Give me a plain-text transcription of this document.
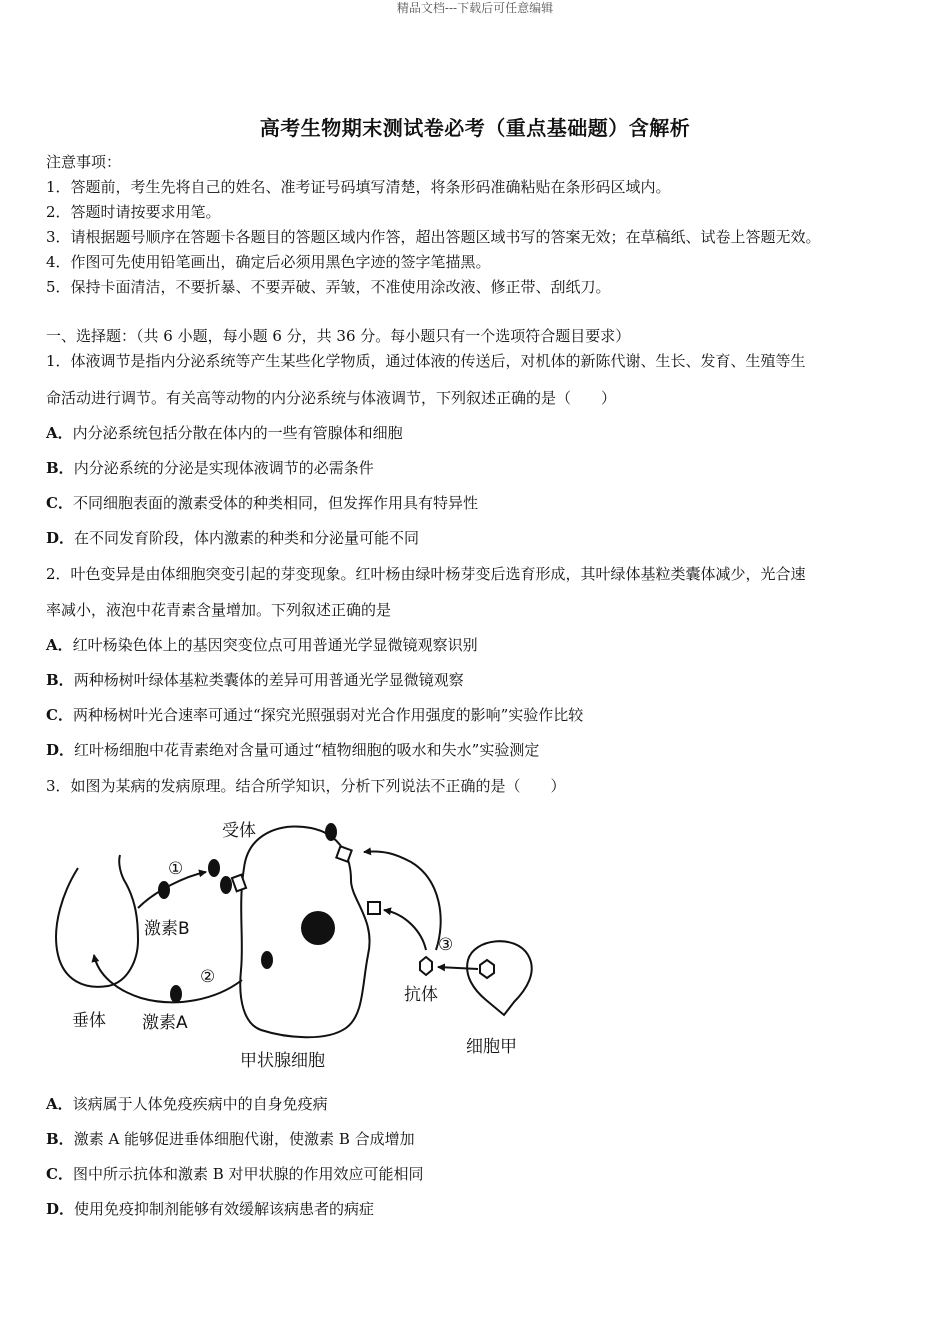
精品文档---下载后可任意编辑
高考生物期末测试卷必考（重点基础题）含解析
注意事项：
1．答题前，考生先将自己的姓名、准考证号码填写清楚，将条形码准确粘贴在条形码区域内。
2．答题时请按要求用笔。
3．请根据题号顺序在答题卡各题目的答题区域内作答，超出答题区域书写的答案无效；在草稿纸、试卷上答题无效。
4．作图可先使用铅笔画出，确定后必须用黑色字迹的签字笔描黑。
5．保持卡面清洁，不要折暴、不要弄破、弄皱，不准使用涂改液、修正带、刮纸刀。
一、选择题：（共 6 小题，每小题 6 分，共 36 分。每小题只有一个选项符合题目要求）
1．体液调节是指内分泌系统等产生某些化学物质，通过体液的传送后，对机体的新陈代谢、生长、发育、生殖等生
命活动进行调节。有关高等动物的内分泌系统与体液调节，下列叙述正确的是（　　）
A．内分泌系统包括分散在体内的一些有管腺体和细胞
B．内分泌系统的分泌是实现体液调节的必需条件
C．不同细胞表面的激素受体的种类相同，但发挥作用具有特异性
D．在不同发育阶段，体内激素的种类和分泌量可能不同
2．叶色变异是由体细胞突变引起的芽变现象。红叶杨由绿叶杨芽变后选育形成，其叶绿体基粒类囊体减少，光合速
率减小，液泡中花青素含量增加。下列叙述正确的是
A．红叶杨染色体上的基因突变位点可用普通光学显微镜观察识别
B．两种杨树叶绿体基粒类囊体的差异可用普通光学显微镜观察
C．两种杨树叶光合速率可通过“探究光照强弱对光合作用强度的影响”实验作比较
D．红叶杨细胞中花青素绝对含量可通过“植物细胞的吸水和失水”实验测定
3．如图为某病的发病原理。结合所学知识，分析下列说法不正确的是（　　）
受体
激素B
激素A
垂体
甲状腺细胞
抗体
细胞甲
①
②
③
A．该病属于人体免疫疾病中的自身免疫病
B．激素 A 能够促进垂体细胞代谢，使激素 B 合成增加
C．图中所示抗体和激素 B 对甲状腺的作用效应可能相同
D．使用免疫抑制剂能够有效缓解该病患者的病症
